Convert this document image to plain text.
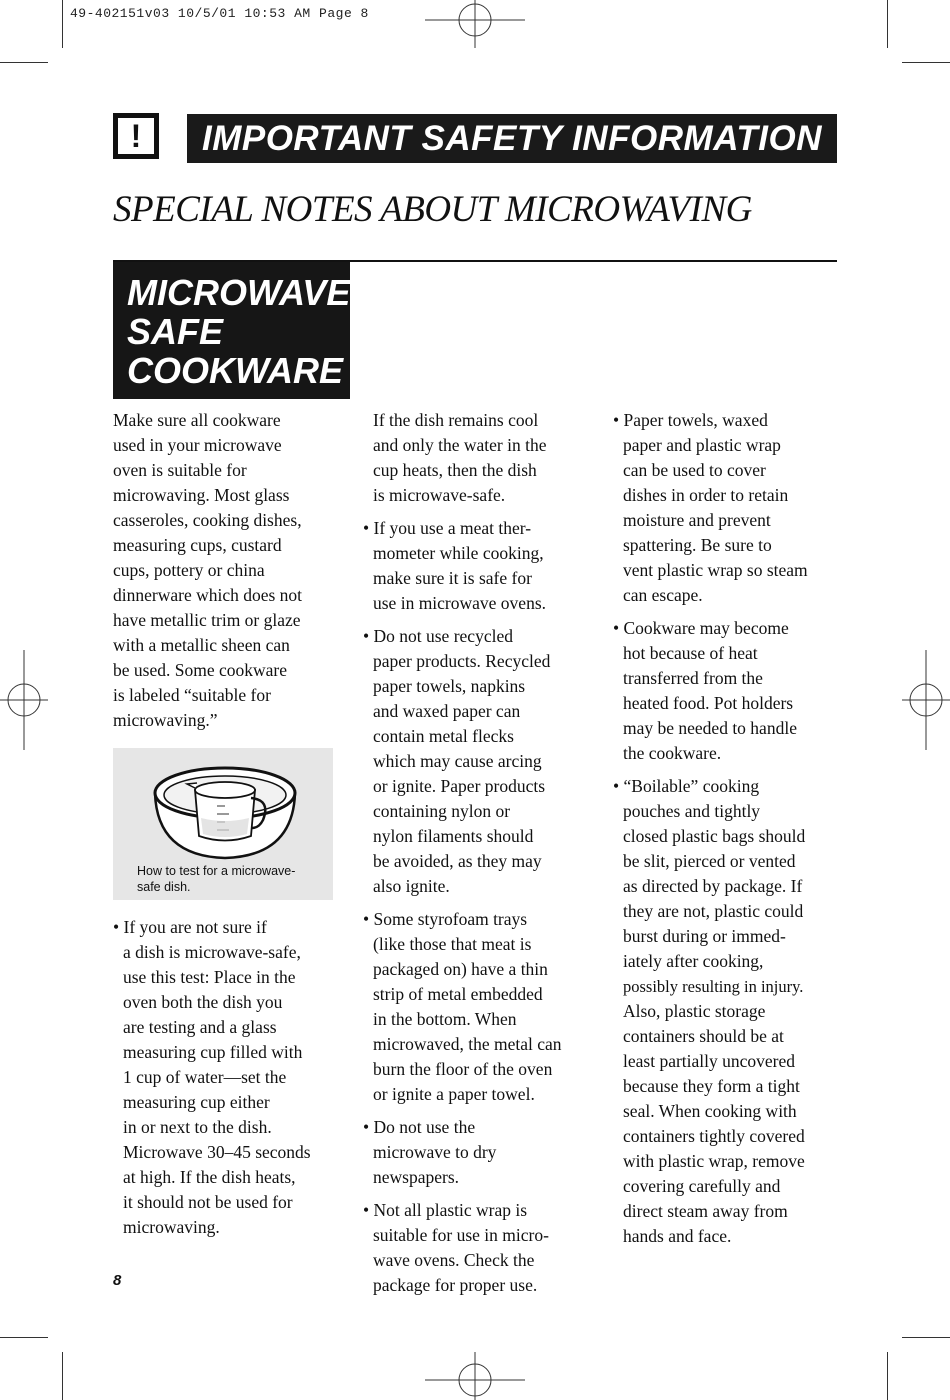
49-402151v03 10/5/01 10:53 AM Page 8
!	IMPORTANT SAFETY INFORMATION
SPECIAL NOTES ABOUT MICROWAVING
MICROWAVE-
SAFE
COOKWARE

Make sure all cookware
used in your microwave
oven is suitable for
microwaving. Most glass
casseroles, cooking dishes,
measuring cups, custard
cups, pottery or china
dinnerware which does not
have metallic trim or glaze
with a metallic sheen can
be used. Some cookware
is labeled “suitable for
microwaving.”

How to test for a microwave-
safe dish.

• If you are not sure if
a dish is microwave-safe,
use this test: Place in the
oven both the dish you
are testing and a glass
measuring cup filled with
1 cup of water—set the
measuring cup either
in or next to the dish.
Microwave 30–45 seconds
at high. If the dish heats,
it should not be used for
microwaving.

If the dish remains cool
and only the water in the
cup heats, then the dish
is microwave-safe.

• If you use a meat ther-
mometer while cooking,
make sure it is safe for
use in microwave ovens.

• Do not use recycled
paper products. Recycled
paper towels, napkins
and waxed paper can
contain metal flecks
which may cause arcing
or ignite. Paper products
containing nylon or
nylon filaments should
be avoided, as they may
also ignite.

• Some styrofoam trays
(like those that meat is
packaged on) have a thin
strip of metal embedded
in the bottom. When
microwaved, the metal can
burn the floor of the oven
or ignite a paper towel.

• Do not use the
microwave to dry
newspapers.

• Not all plastic wrap is
suitable for use in micro-
wave ovens. Check the
package for proper use.

• Paper towels, waxed
paper and plastic wrap
can be used to cover
dishes in order to retain
moisture and prevent
spattering. Be sure to
vent plastic wrap so steam
can escape.

• Cookware may become
hot because of heat
transferred from the
heated food. Pot holders
may be needed to handle
the cookware.

• “Boilable” cooking
pouches and tightly
closed plastic bags should
be slit, pierced or vented
as directed by package. If
they are not, plastic could
burst during or immed-
iately after cooking,
possibly resulting in injury.
Also, plastic storage
containers should be at
least partially uncovered
because they form a tight
seal. When cooking with
containers tightly covered
with plastic wrap, remove
covering carefully and
direct steam away from
hands and face.

8
